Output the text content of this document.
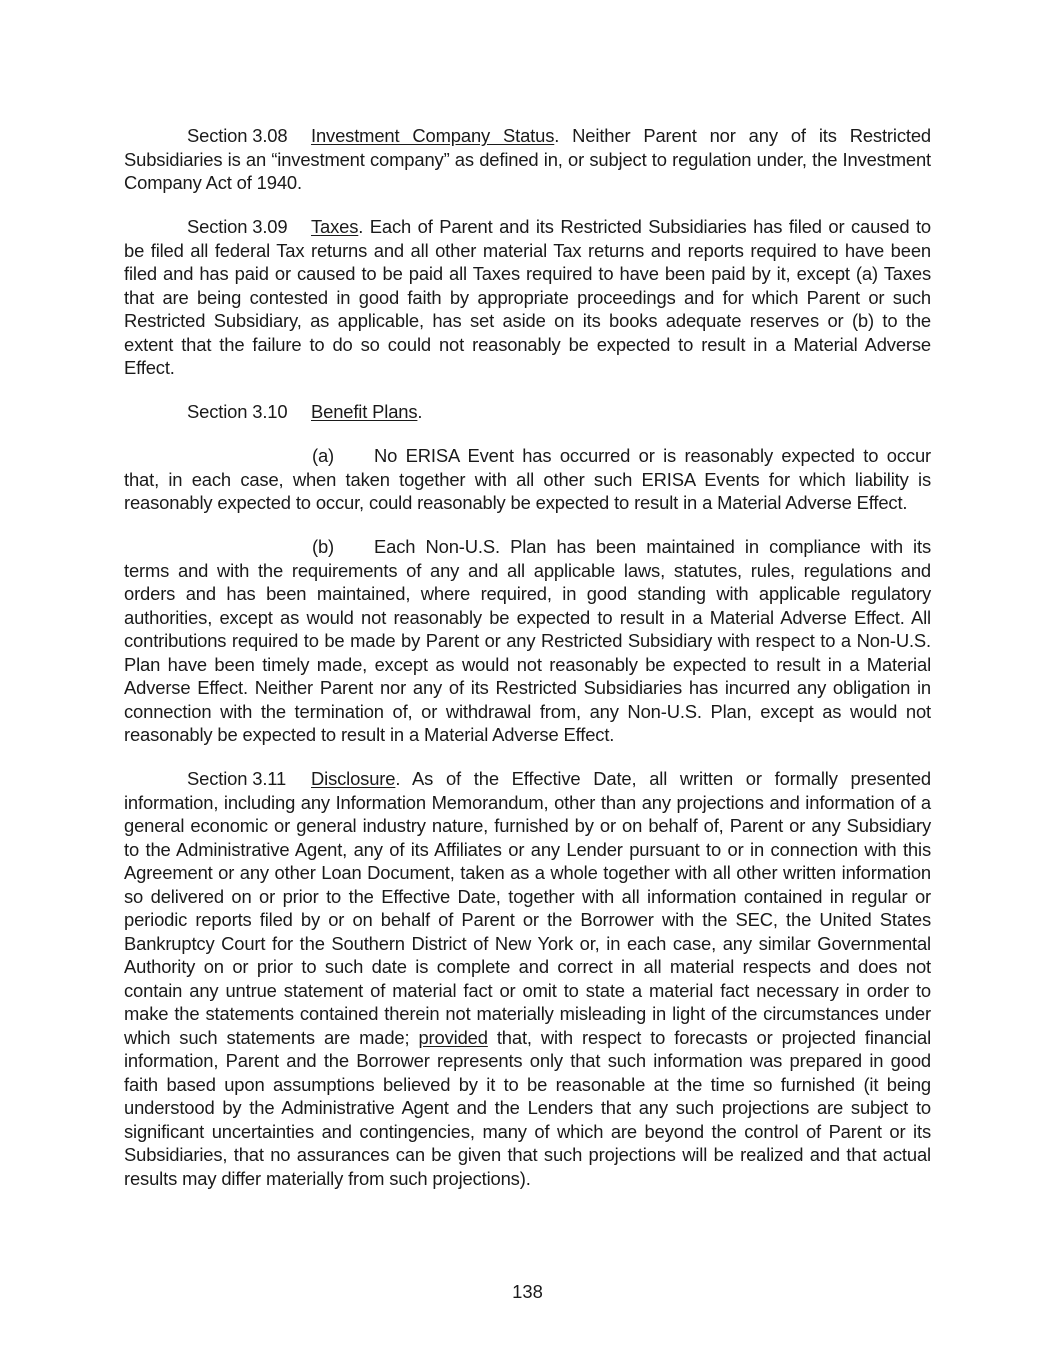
Section 3.08 Investment Company Status. Neither Parent nor any of its Restricted Subsidiaries is an “investment company” as defined in, or subject to regulation under, the Investment Company Act of 1940.

Section 3.09 Taxes. Each of Parent and its Restricted Subsidiaries has filed or caused to be filed all federal Tax returns and all other material Tax returns and reports required to have been filed and has paid or caused to be paid all Taxes required to have been paid by it, except (a) Taxes that are being contested in good faith by appropriate proceedings and for which Parent or such Restricted Subsidiary, as applicable, has set aside on its books adequate reserves or (b) to the extent that the failure to do so could not reasonably be expected to result in a Material Adverse Effect.

Section 3.10 Benefit Plans.

(a) No ERISA Event has occurred or is reasonably expected to occur that, in each case, when taken together with all other such ERISA Events for which liability is reasonably expected to occur, could reasonably be expected to result in a Material Adverse Effect.

(b) Each Non-U.S. Plan has been maintained in compliance with its terms and with the requirements of any and all applicable laws, statutes, rules, regulations and orders and has been maintained, where required, in good standing with applicable regulatory authorities, except as would not reasonably be expected to result in a Material Adverse Effect. All contributions required to be made by Parent or any Restricted Subsidiary with respect to a Non-U.S. Plan have been timely made, except as would not reasonably be expected to result in a Material Adverse Effect. Neither Parent nor any of its Restricted Subsidiaries has incurred any obligation in connection with the termination of, or withdrawal from, any Non-U.S. Plan, except as would not reasonably be expected to result in a Material Adverse Effect.

Section 3.11 Disclosure. As of the Effective Date, all written or formally presented information, including any Information Memorandum, other than any projections and information of a general economic or general industry nature, furnished by or on behalf of, Parent or any Subsidiary to the Administrative Agent, any of its Affiliates or any Lender pursuant to or in connection with this Agreement or any other Loan Document, taken as a whole together with all other written information so delivered on or prior to the Effective Date, together with all information contained in regular or periodic reports filed by or on behalf of Parent or the Borrower with the SEC, the United States Bankruptcy Court for the Southern District of New York or, in each case, any similar Governmental Authority on or prior to such date is complete and correct in all material respects and does not contain any untrue statement of material fact or omit to state a material fact necessary in order to make the statements contained therein not materially misleading in light of the circumstances under which such statements are made; provided that, with respect to forecasts or projected financial information, Parent and the Borrower represents only that such information was prepared in good faith based upon assumptions believed by it to be reasonable at the time so furnished (it being understood by the Administrative Agent and the Lenders that any such projections are subject to significant uncertainties and contingencies, many of which are beyond the control of Parent or its Subsidiaries, that no assurances can be given that such projections will be realized and that actual results may differ materially from such projections).

138
